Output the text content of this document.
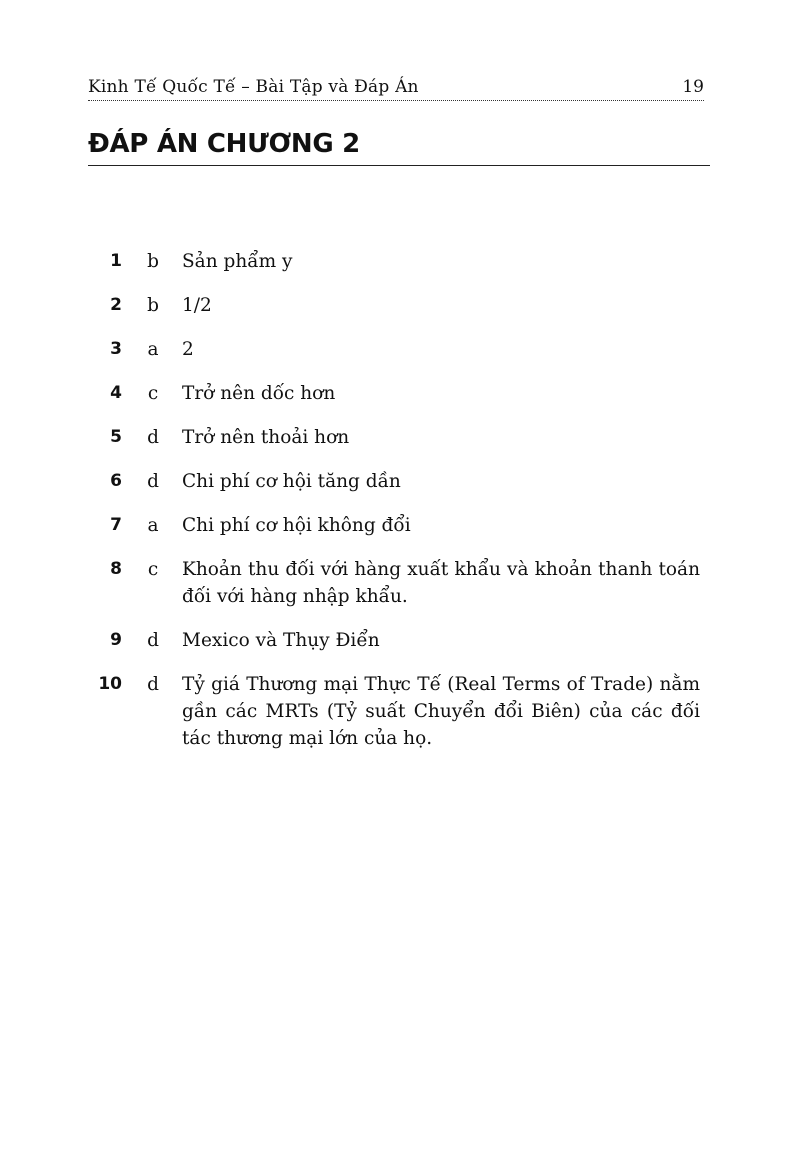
Kinh Tế Quốc Tế – Bài Tập và Đáp Án	19
ĐÁP ÁN CHƯƠNG 2
1	b	Sản phẩm y
2	b	1/2
3	a	2
4	c	Trở nên dốc hơn
5	d	Trở nên thoải hơn
6	d	Chi phí cơ hội tăng dần
7	a	Chi phí cơ hội không đổi
8	c	Khoản thu đối với hàng xuất khẩu và khoản thanh toán đối với hàng nhập khẩu.
9	d	Mexico và Thụy Điển
10	d	Tỷ giá Thương mại Thực Tế (Real Terms of Trade) nằm gần các MRTs (Tỷ suất Chuyển đổi Biên) của các đối tác thương mại lớn của họ.
